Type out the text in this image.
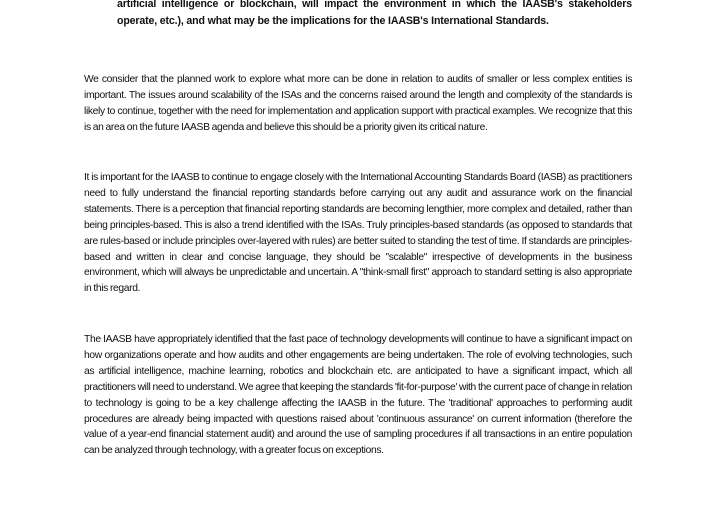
artificial intelligence or blockchain, will impact the environment in which the IAASB's stakeholders operate, etc.), and what may be the implications for the IAASB's International Standards.
We consider that the planned work to explore what more can be done in relation to audits of smaller or less complex entities is important. The issues around scalability of the ISAs and the concerns raised around the length and complexity of the standards is likely to continue, together with the need for implementation and application support with practical examples. We recognize that this is an area on the future IAASB agenda and believe this should be a priority given its critical nature.
It is important for the IAASB to continue to engage closely with the International Accounting Standards Board (IASB) as practitioners need to fully understand the financial reporting standards before carrying out any audit and assurance work on the financial statements. There is a perception that financial reporting standards are becoming lengthier, more complex and detailed, rather than being principles-based. This is also a trend identified with the ISAs. Truly principles-based standards (as opposed to standards that are rules-based or include principles over-layered with rules) are better suited to standing the test of time. If standards are principles-based and written in clear and concise language, they should be "scalable" irrespective of developments in the business environment, which will always be unpredictable and uncertain. A "think-small first" approach to standard setting is also appropriate in this regard.
The IAASB have appropriately identified that the fast pace of technology developments will continue to have a significant impact on how organizations operate and how audits and other engagements are being undertaken. The role of evolving technologies, such as artificial intelligence, machine learning, robotics and blockchain etc. are anticipated to have a significant impact, which all practitioners will need to understand. We agree that keeping the standards 'fit-for-purpose' with the current pace of change in relation to technology is going to be a key challenge affecting the IAASB in the future. The 'traditional' approaches to performing audit procedures are already being impacted with questions raised about 'continuous assurance' on current information (therefore the value of a year-end financial statement audit) and around the use of sampling procedures if all transactions in an entire population can be analyzed through technology, with a greater focus on exceptions.
